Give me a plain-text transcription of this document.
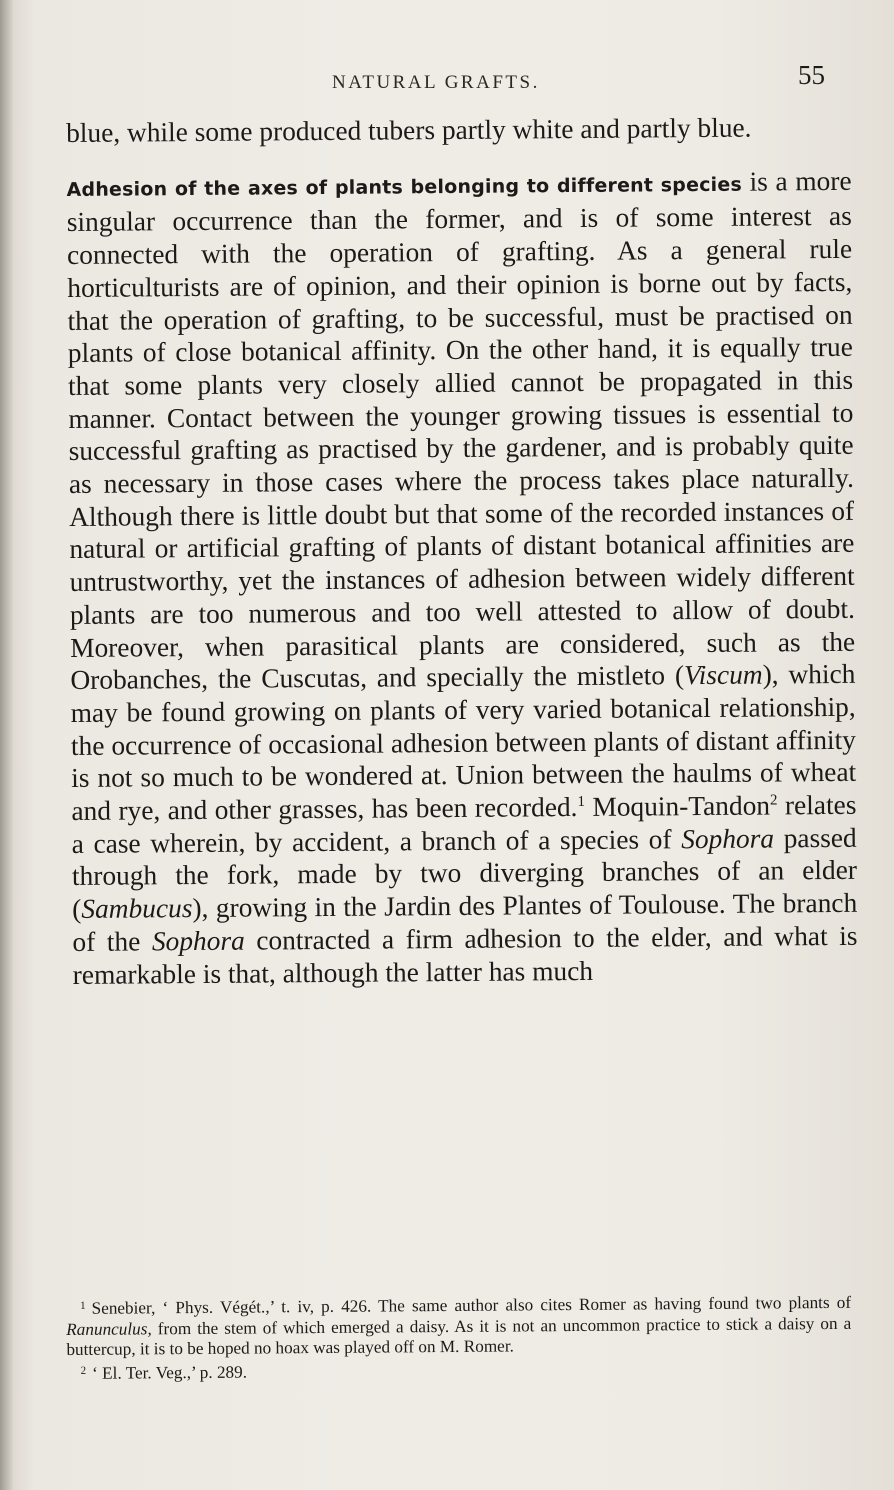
NATURAL GRAFTS.	55

blue, while some produced tubers partly white and partly blue.

Adhesion of the axes of plants belonging to different species is a more singular occurrence than the former, and is of some interest as connected with the operation of grafting. As a general rule horticulturists are of opinion, and their opinion is borne out by facts, that the operation of grafting, to be successful, must be practised on plants of close botanical affinity. On the other hand, it is equally true that some plants very closely allied cannot be propagated in this manner. Contact between the younger growing tissues is essential to successful grafting as practised by the gardener, and is probably quite as necessary in those cases where the process takes place naturally. Although there is little doubt but that some of the recorded instances of natural or artificial grafting of plants of distant botanical affinities are untrustworthy, yet the instances of adhesion between widely different plants are too numerous and too well attested to allow of doubt. Moreover, when parasitical plants are considered, such as the Orobanches, the Cuscutas, and specially the mistleto (Viscum), which may be found growing on plants of very varied botanical relationship, the occurrence of occasional adhesion between plants of distant affinity is not so much to be wondered at. Union between the haulms of wheat and rye, and other grasses, has been recorded.$^1$ Moquin-Tandon$^2$ relates a case wherein, by accident, a branch of a species of Sophora passed through the fork, made by two diverging branches of an elder (Sambucus), growing in the Jardin des Plantes of Toulouse. The branch of the Sophora contracted a firm adhesion to the elder, and what is remarkable is that, although the latter has much

$^1$ Senebier, ‘ Phys. Végét.,’ t. iv, p. 426. The same author also cites Romer as having found two plants of Ranunculus, from the stem of which emerged a daisy. As it is not an uncommon practice to stick a daisy on a buttercup, it is to be hoped no hoax was played off on M. Romer.

$^2$ ‘ El. Ter. Veg.,’ p. 289.
